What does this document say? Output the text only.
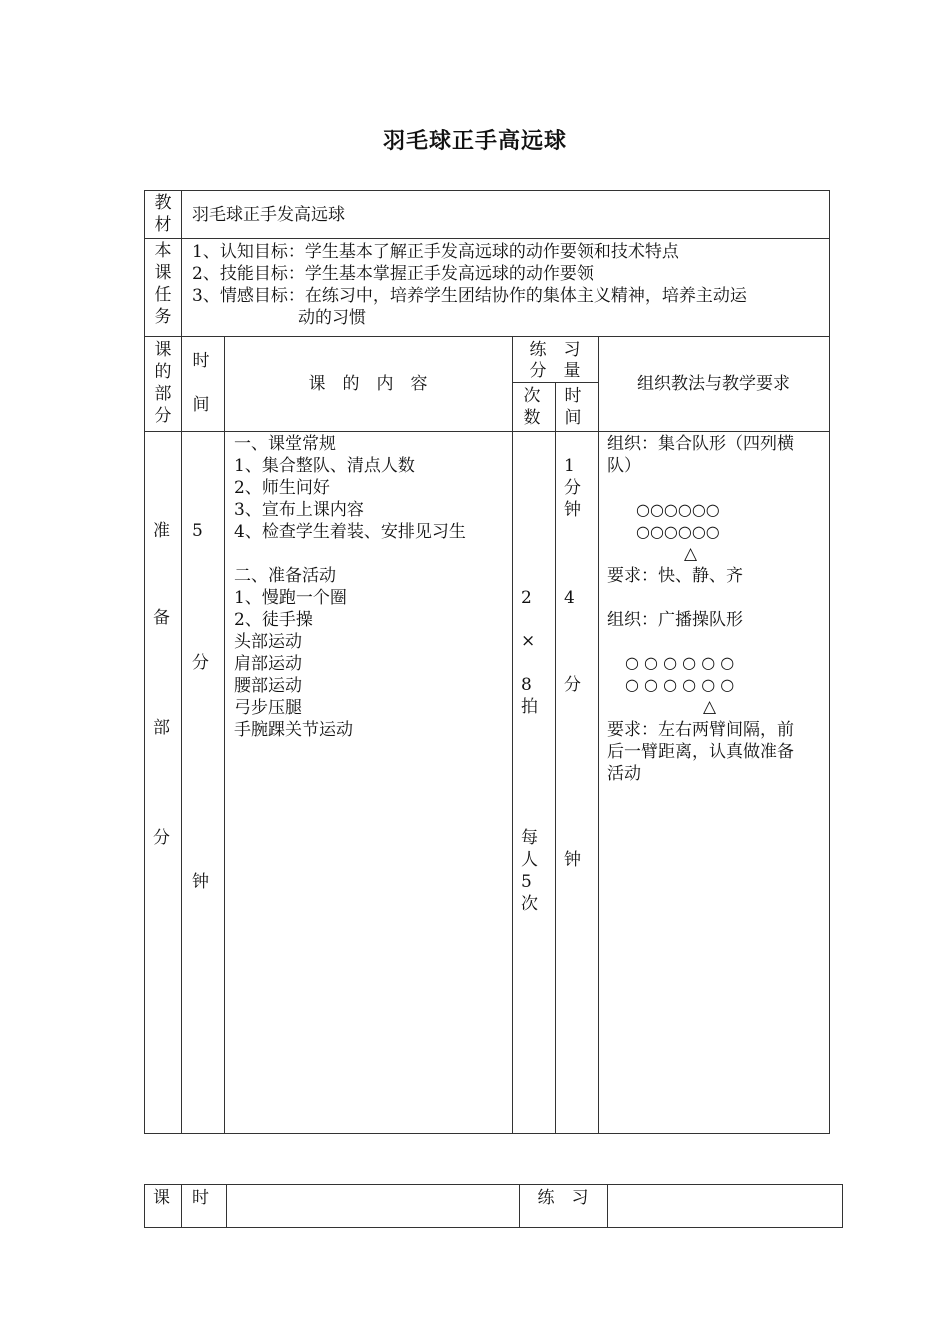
羽毛球正手高远球
教材 羽毛球正手发高远球
本课任务
1、认知目标：学生基本了解正手发高远球的动作要领和技术特点
2、技能目标：学生基本掌握正手发高远球的动作要领
3、情感目标：在练习中，培养学生团结协作的集体主义精神，培养主动运
动的习惯
课的部分
时间
课　的　内　容
练　习
分　量
次数
时间
组织教法与教学要求
准
备
部
分
5
分
钟
一、课堂常规
1、集合整队、清点人数
2、师生问好
3、宣布上课内容
4、检查学生着装、安排见习生
二、准备活动
1、慢跑一个圈
2、徒手操
头部运动
肩部运动
腰部运动
弓步压腿
手腕踝关节运动
2
×
8
拍
每
人
5
次
1
分
钟
4
分
钟
组织：集合队形（四列横
队）
○○○○○○
○○○○○○
△
要求：快、静、齐
组织：广播操队形
○ ○ ○ ○ ○ ○
○ ○ ○ ○ ○ ○
△
要求：左右两臂间隔，前
后一臂距离，认真做准备
活动
课 时	练　习
